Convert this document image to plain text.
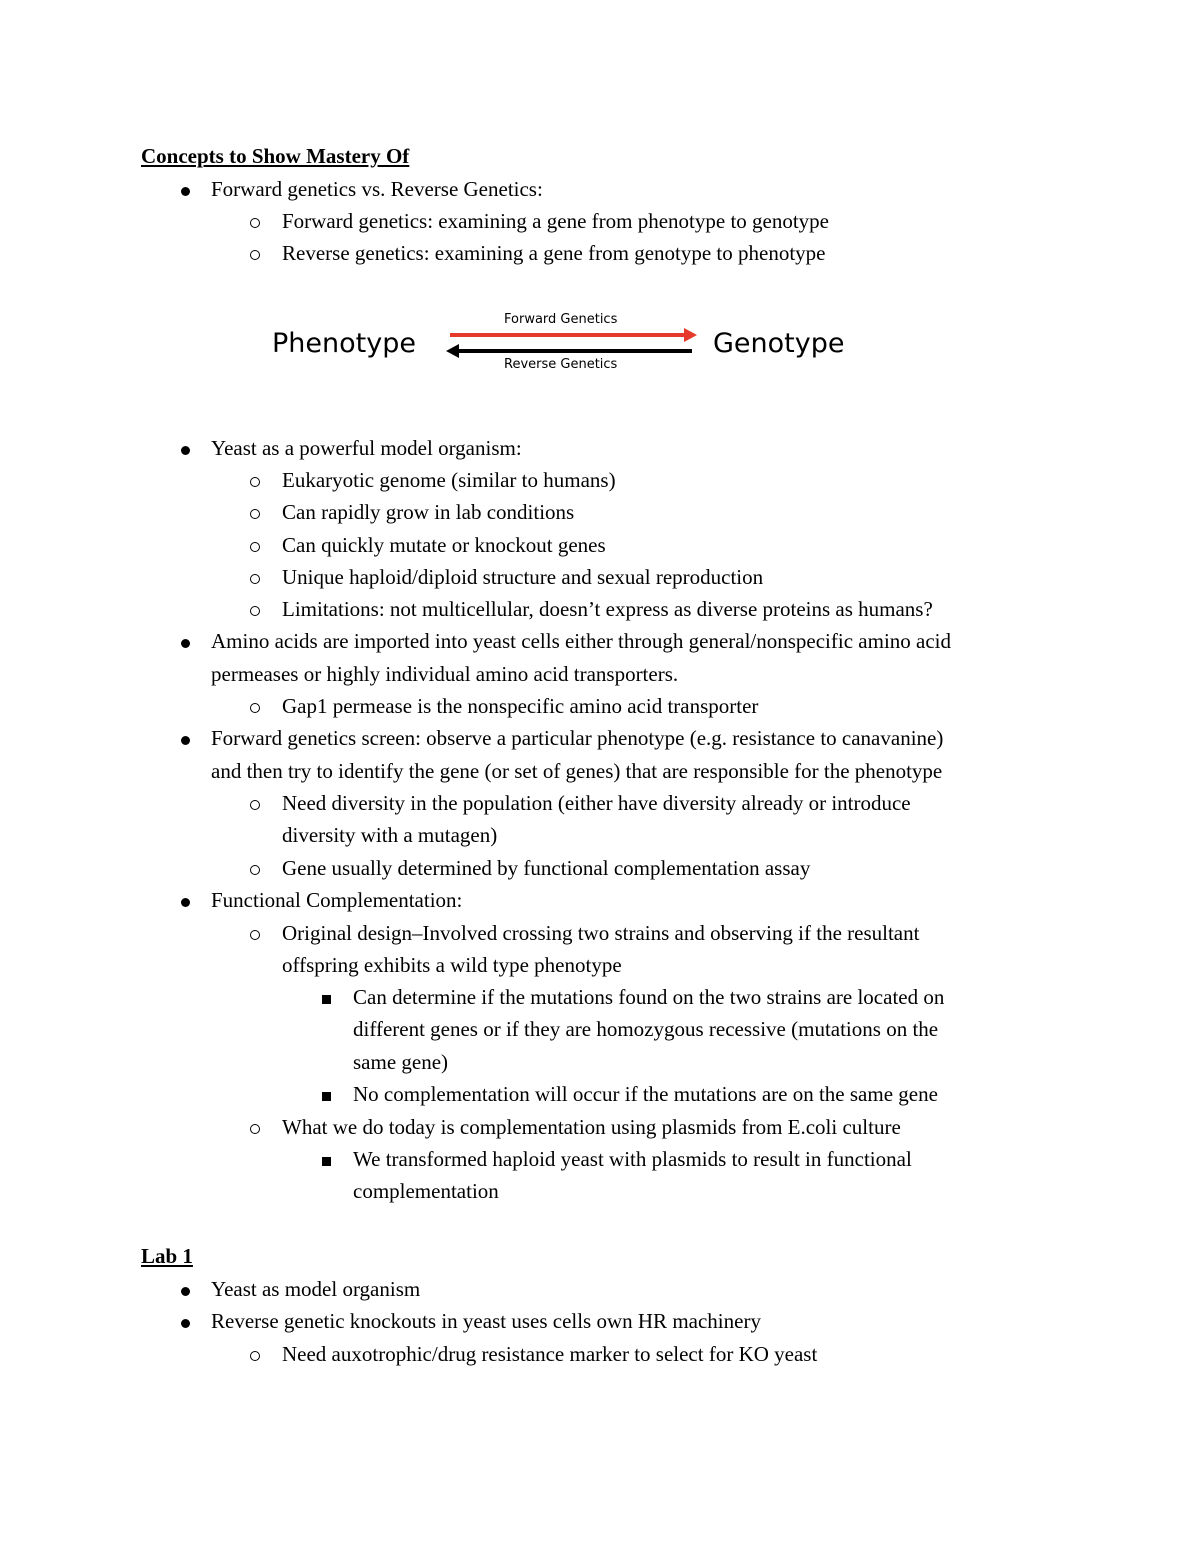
Concepts to Show Mastery Of
Forward genetics vs. Reverse Genetics:
Forward genetics: examining a gene from phenotype to genotype
Reverse genetics: examining a gene from genotype to phenotype
Phenotype	Genotype
Forward Genetics
Reverse Genetics
Yeast as a powerful model organism:
Eukaryotic genome (similar to humans)
Can rapidly grow in lab conditions
Can quickly mutate or knockout genes
Unique haploid/diploid structure and sexual reproduction
Limitations: not multicellular, doesn’t express as diverse proteins as humans?
Amino acids are imported into yeast cells either through general/nonspecific amino acid
permeases or highly individual amino acid transporters.
Gap1 permease is the nonspecific amino acid transporter
Forward genetics screen: observe a particular phenotype (e.g. resistance to canavanine)
and then try to identify the gene (or set of genes) that are responsible for the phenotype
Need diversity in the population (either have diversity already or introduce
diversity with a mutagen)
Gene usually determined by functional complementation assay
Functional Complementation:
Original design–Involved crossing two strains and observing if the resultant
offspring exhibits a wild type phenotype
Can determine if the mutations found on the two strains are located on
different genes or if they are homozygous recessive (mutations on the
same gene)
No complementation will occur if the mutations are on the same gene
What we do today is complementation using plasmids from E.coli culture
We transformed haploid yeast with plasmids to result in functional
complementation
Lab 1
Yeast as model organism
Reverse genetic knockouts in yeast uses cells own HR machinery
Need auxotrophic/drug resistance marker to select for KO yeast
